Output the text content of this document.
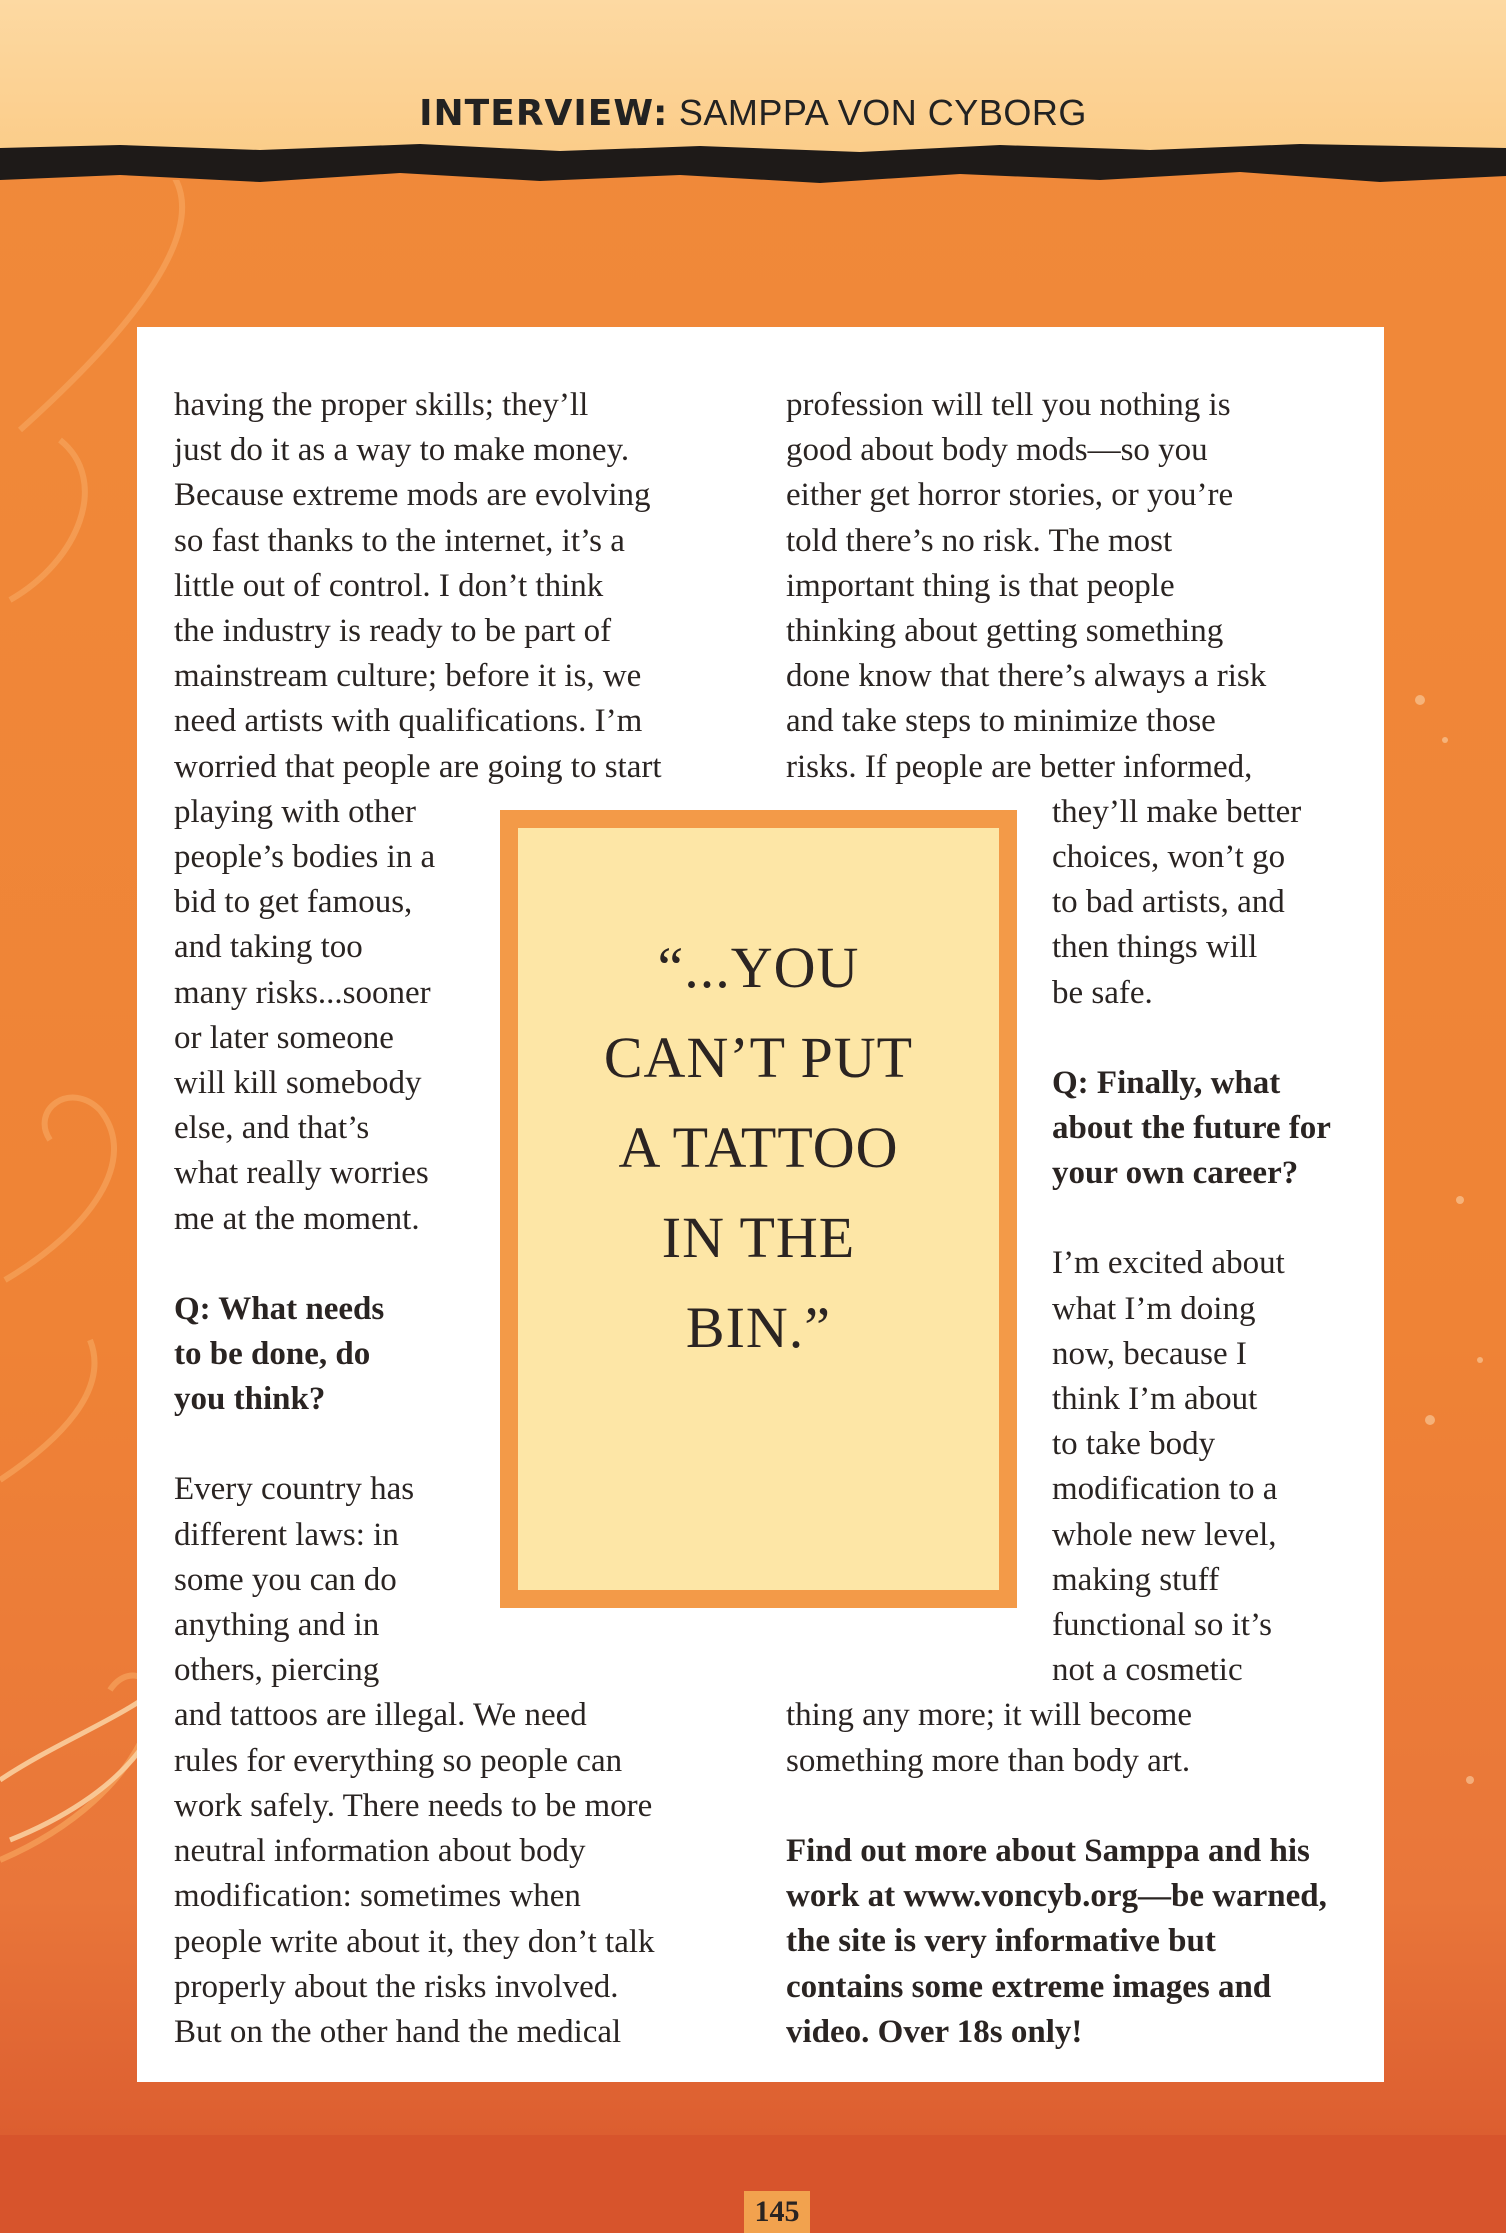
INTERVIEW: SAMPPA VON CYBORG

having the proper skills; they’ll
just do it as a way to make money.
Because extreme mods are evolving
so fast thanks to the internet, it’s a
little out of control. I don’t think
the industry is ready to be part of
mainstream culture; before it is, we
need artists with qualifications. I’m
worried that people are going to start
playing with other
people’s bodies in a
bid to get famous,
and taking too
many risks...sooner
or later someone
will kill somebody
else, and that’s
what really worries
me at the moment.

Q: What needs
to be done, do
you think?

Every country has
different laws: in
some you can do
anything and in
others, piercing
and tattoos are illegal. We need
rules for everything so people can
work safely. There needs to be more
neutral information about body
modification: sometimes when
people write about it, they don’t talk
properly about the risks involved.
But on the other hand the medical

profession will tell you nothing is
good about body mods—so you
either get horror stories, or you’re
told there’s no risk. The most
important thing is that people
thinking about getting something
done know that there’s always a risk
and take steps to minimize those
risks. If people are better informed,
they’ll make better
choices, won’t go
to bad artists, and
then things will
be safe.

Q: Finally, what
about the future for
your own career?

I’m excited about
what I’m doing
now, because I
think I’m about
to take body
modification to a
whole new level,
making stuff
functional so it’s
not a cosmetic
thing any more; it will become
something more than body art.

Find out more about Samppa and his
work at www.voncyb.org—be warned,
the site is very informative but
contains some extreme images and
video. Over 18s only!

“...YOU
CAN’T PUT
A TATTOO
IN THE
BIN.”
145
